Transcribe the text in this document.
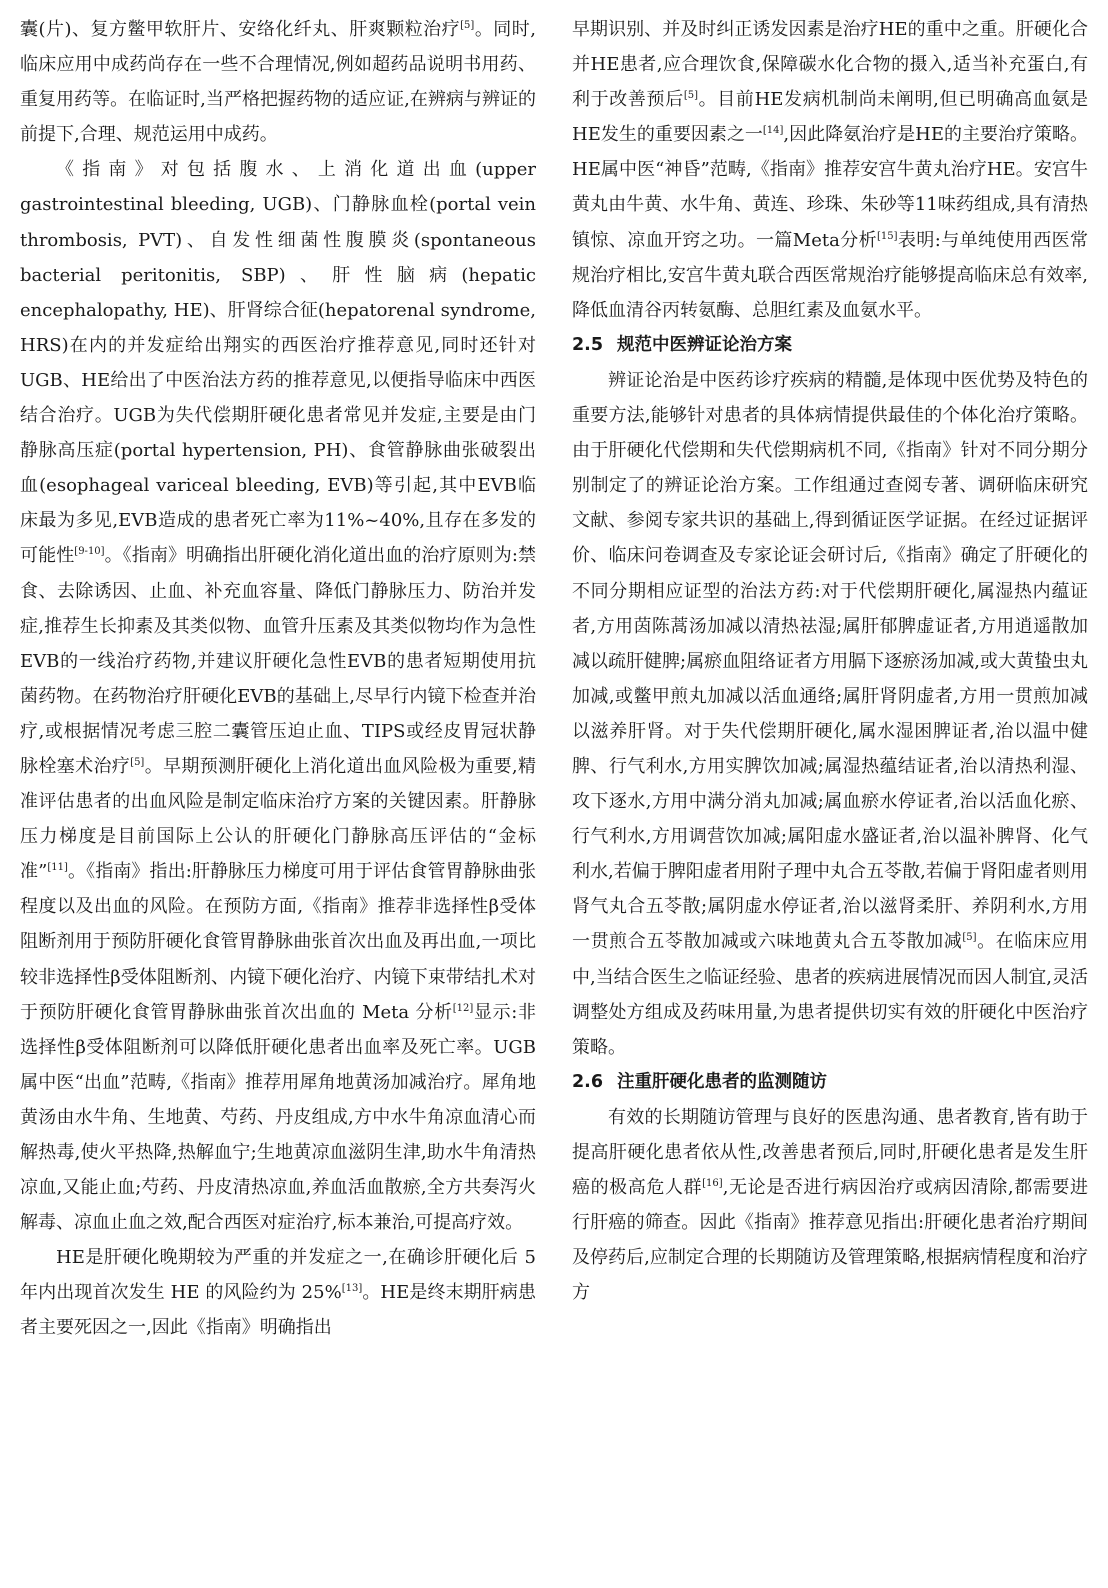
囊(片)、复方鳖甲软肝片、安络化纤丸、肝爽颗粒治疗[5]。同时,临床应用中成药尚存在一些不合理情况,例如超药品说明书用药、重复用药等。在临证时,当严格把握药物的适应证,在辨病与辨证的前提下,合理、规范运用中成药。

《指南》对包括腹水、上消化道出血(upper gastrointestinal bleeding, UGB)、门静脉血栓(portal vein thrombosis, PVT)、自发性细菌性腹膜炎(spontaneous bacterial peritonitis, SBP)、肝性脑病(hepatic encephalopathy, HE)、肝肾综合征(hepatorenal syndrome, HRS)在内的并发症给出翔实的西医治疗推荐意见,同时还针对UGB、HE给出了中医治法方药的推荐意见,以便指导临床中西医结合治疗。UGB为失代偿期肝硬化患者常见并发症,主要是由门静脉高压症(portal hypertension, PH)、食管静脉曲张破裂出血(esophageal variceal bleeding, EVB)等引起,其中EVB临床最为多见,EVB造成的患者死亡率为11%~40%,且存在多发的可能性[9-10]。《指南》明确指出肝硬化消化道出血的治疗原则为:禁食、去除诱因、止血、补充血容量、降低门静脉压力、防治并发症,推荐生长抑素及其类似物、血管升压素及其类似物均作为急性EVB的一线治疗药物,并建议肝硬化急性EVB的患者短期使用抗菌药物。在药物治疗肝硬化EVB的基础上,尽早行内镜下检查并治疗,或根据情况考虑三腔二囊管压迫止血、TIPS或经皮胃冠状静脉栓塞术治疗[5]。早期预测肝硬化上消化道出血风险极为重要,精准评估患者的出血风险是制定临床治疗方案的关键因素。肝静脉压力梯度是目前国际上公认的肝硬化门静脉高压评估的“金标准”[11]。《指南》指出:肝静脉压力梯度可用于评估食管胃静脉曲张程度以及出血的风险。在预防方面,《指南》推荐非选择性β受体阻断剂用于预防肝硬化食管胃静脉曲张首次出血及再出血,一项比较非选择性β受体阻断剂、内镜下硬化治疗、内镜下束带结扎术对于预防肝硬化食管胃静脉曲张首次出血的 Meta 分析[12]显示:非选择性β受体阻断剂可以降低肝硬化患者出血率及死亡率。UGB属中医“出血”范畴,《指南》推荐用犀角地黄汤加减治疗。犀角地黄汤由水牛角、生地黄、芍药、丹皮组成,方中水牛角凉血清心而解热毒,使火平热降,热解血宁;生地黄凉血滋阴生津,助水牛角清热凉血,又能止血;芍药、丹皮清热凉血,养血活血散瘀,全方共奏泻火解毒、凉血止血之效,配合西医对症治疗,标本兼治,可提高疗效。

HE是肝硬化晚期较为严重的并发症之一,在确诊肝硬化后 5 年内出现首次发生 HE 的风险约为 25%[13]。HE是终末期肝病患者主要死因之一,因此《指南》明确指出

早期识别、并及时纠正诱发因素是治疗HE的重中之重。肝硬化合并HE患者,应合理饮食,保障碳水化合物的摄入,适当补充蛋白,有利于改善预后[5]。目前HE发病机制尚未阐明,但已明确高血氨是HE发生的重要因素之一[14],因此降氨治疗是HE的主要治疗策略。HE属中医“神昏”范畴,《指南》推荐安宫牛黄丸治疗HE。安宫牛黄丸由牛黄、水牛角、黄连、珍珠、朱砂等11味药组成,具有清热镇惊、凉血开窍之功。一篇Meta分析[15]表明:与单纯使用西医常规治疗相比,安宫牛黄丸联合西医常规治疗能够提高临床总有效率,降低血清谷丙转氨酶、总胆红素及血氨水平。

2.5 规范中医辨证论治方案

辨证论治是中医药诊疗疾病的精髓,是体现中医优势及特色的重要方法,能够针对患者的具体病情提供最佳的个体化治疗策略。由于肝硬化代偿期和失代偿期病机不同,《指南》针对不同分期分别制定了的辨证论治方案。工作组通过查阅专著、调研临床研究文献、参阅专家共识的基础上,得到循证医学证据。在经过证据评价、临床问卷调查及专家论证会研讨后,《指南》确定了肝硬化的不同分期相应证型的治法方药:对于代偿期肝硬化,属湿热内蕴证者,方用茵陈蒿汤加减以清热祛湿;属肝郁脾虚证者,方用逍遥散加减以疏肝健脾;属瘀血阻络证者方用膈下逐瘀汤加减,或大黄蛰虫丸加减,或鳖甲煎丸加减以活血通络;属肝肾阴虚者,方用一贯煎加减以滋养肝肾。对于失代偿期肝硬化,属水湿困脾证者,治以温中健脾、行气利水,方用实脾饮加减;属湿热蕴结证者,治以清热利湿、攻下逐水,方用中满分消丸加减;属血瘀水停证者,治以活血化瘀、行气利水,方用调营饮加减;属阳虚水盛证者,治以温补脾肾、化气利水,若偏于脾阳虚者用附子理中丸合五苓散,若偏于肾阳虚者则用肾气丸合五苓散;属阴虚水停证者,治以滋肾柔肝、养阴利水,方用一贯煎合五苓散加减或六味地黄丸合五苓散加减[5]。在临床应用中,当结合医生之临证经验、患者的疾病进展情况而因人制宜,灵活调整处方组成及药味用量,为患者提供切实有效的肝硬化中医治疗策略。

2.6 注重肝硬化患者的监测随访

有效的长期随访管理与良好的医患沟通、患者教育,皆有助于提高肝硬化患者依从性,改善患者预后,同时,肝硬化患者是发生肝癌的极高危人群[16],无论是否进行病因治疗或病因清除,都需要进行肝癌的筛查。因此《指南》推荐意见指出:肝硬化患者治疗期间及停药后,应制定合理的长期随访及管理策略,根据病情程度和治疗方
